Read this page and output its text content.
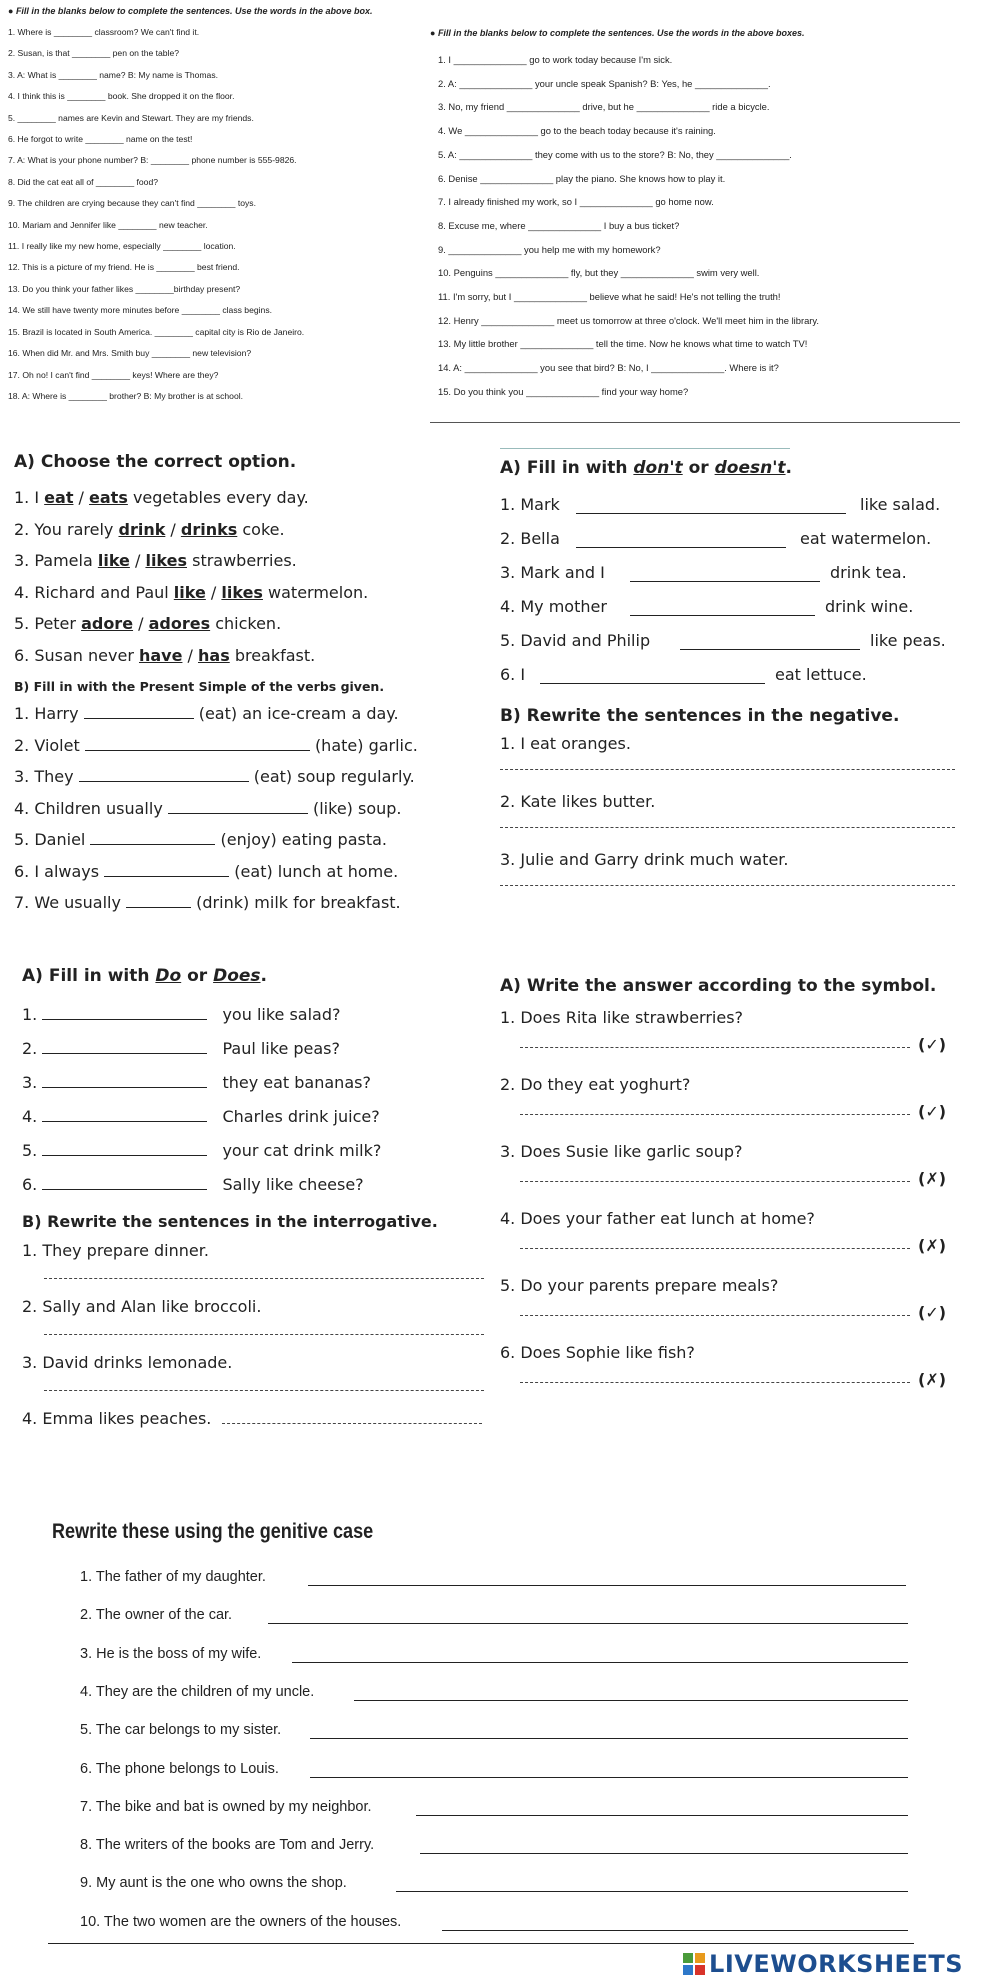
● Fill in the blanks below to complete the sentences. Use the words in the above box.
1. Where is ________ classroom? We can't find it.
2. Susan, is that ________ pen on the table?
3. A: What is ________ name? B: My name is Thomas.
4. I think this is ________ book. She dropped it on the floor.
5. ________ names are Kevin and Stewart. They are my friends.
6. He forgot to write ________ name on the test!
7. A: What is your phone number? B: ________ phone number is 555-9826.
8. Did the cat eat all of ________ food?
9. The children are crying because they can't find ________ toys.
10. Mariam and Jennifer like ________ new teacher.
11. I really like my new home, especially ________ location.
12. This is a picture of my friend. He is ________ best friend.
13. Do you think your father likes ________birthday present?
14. We still have twenty more minutes before ________ class begins.
15. Brazil is located in South America. ________ capital city is Rio de Janeiro.
16. When did Mr. and Mrs. Smith buy ________ new television?
17. Oh no! I can't find ________ keys! Where are they?
18. A: Where is ________ brother? B: My brother is at school.
● Fill in the blanks below to complete the sentences. Use the words in the above boxes.
1. I ______________ go to work today because I'm sick.
2. A: ______________ your uncle speak Spanish? B: Yes, he ______________.
3. No, my friend ______________ drive, but he ______________ ride a bicycle.
4. We ______________ go to the beach today because it's raining.
5. A: ______________ they come with us to the store? B: No, they ______________.
6. Denise ______________ play the piano. She knows how to play it.
7. I already finished my work, so I ______________ go home now.
8. Excuse me, where ______________ I buy a bus ticket?
9. ______________ you help me with my homework?
10. Penguins ______________ fly, but they ______________ swim very well.
11. I'm sorry, but I ______________ believe what he said! He's not telling the truth!
12. Henry ______________ meet us tomorrow at three o'clock. We'll meet him in the library.
13. My little brother ______________ tell the time. Now he knows what time to watch TV!
14. A: ______________ you see that bird? B: No, I ______________. Where is it?
15. Do you think you ______________ find your way home?
A) Choose the correct option.
1. I eat / eats vegetables every day.
2. You rarely drink / drinks coke.
3. Pamela like / likes strawberries.
4. Richard and Paul like / likes watermelon.
5. Peter adore / adores chicken.
6. Susan never have / has breakfast.
B) Fill in with the Present Simple of the verbs given.
1. Harry	(eat) an ice-cream a day.
2. Violet	(hate) garlic.
3. They	(eat) soup regularly.
4. Children usually	(like) soup.
5. Daniel	(enjoy) eating pasta.
6. I always	(eat) lunch at home.
7. We usually	(drink) milk for breakfast.
A) Fill in with don't or doesn't.
1. Mark	like salad.
2. Bella	eat watermelon.
3. Mark and I	drink tea.
4. My mother	drink wine.
5. David and Philip	like peas.
6. I	eat lettuce.
B) Rewrite the sentences in the negative.
1. I eat oranges.
2. Kate likes butter.
3. Julie and Garry drink much water.
A) Fill in with Do or Does.
1.	you like salad?
2.	Paul like peas?
3.	they eat bananas?
4.	Charles drink juice?
5.	your cat drink milk?
6.	Sally like cheese?
B) Rewrite the sentences in the interrogative.
1. They prepare dinner.
2. Sally and Alan like broccoli.
3. David drinks lemonade.
4. Emma likes peaches.
A) Write the answer according to the symbol.
1. Does Rita like strawberries?
(✓)
2. Do they eat yoghurt?
(✓)
3. Does Susie like garlic soup?
(✗)
4. Does your father eat lunch at home?
(✗)
5. Do your parents prepare meals?
(✓)
6. Does Sophie like fish?
(✗)
Rewrite these using the genitive case
1. The father of my daughter.
2. The owner of the car.
3. He is the boss of my wife.
4. They are the children of my uncle.
5. The car belongs to my sister.
6. The phone belongs to Louis.
7. The bike and bat is owned by my neighbor.
8. The writers of the books are Tom and Jerry.
9. My aunt is the one who owns the shop.
10. The two women are the owners of the houses.
LIVEWORKSHEETS
